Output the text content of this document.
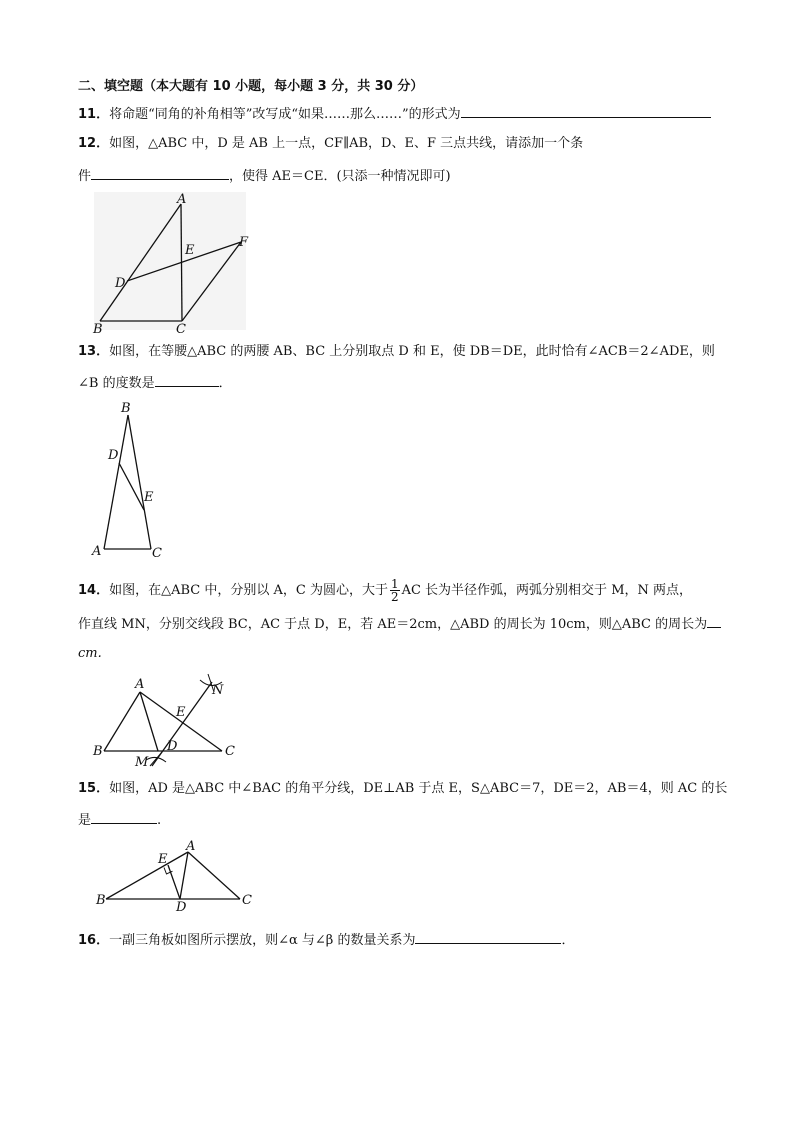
二、填空题（本大题有 10 小题，每小题 3 分，共 30 分）
11．将命题“同角的补角相等”改写成“如果……那么……”的形式为
12．如图，△ABC 中，D 是 AB 上一点，CF∥AB，D、E、F 三点共线，请添加一个条
件	，使得 AE＝CE．(只添一种情况即可)
A
E
F
D
B	C
13．如图，在等腰△ABC 的两腰 AB、BC 上分别取点 D 和 E，使 DB＝DE，此时恰有∠ACB＝2∠ADE，则
∠B 的度数是	．
B
D
E
A	C
14．如图，在△ABC 中，分别以 A，C 为圆心，大于 $\frac{1}{2}$ AC 长为半径作弧，两弧分别相交于 M，N 两点，
作直线 MN，分别交线段 BC，AC 于点 D，E，若 AE＝2cm，△ABD 的周长为 10cm，则△ABC 的周长为
cm.
A	N
E
B	D	C
M
15．如图，AD 是△ABC 中∠BAC 的角平分线，DE⊥AB 于点 E，S△ABC＝7，DE＝2，AB＝4，则 AC 的长
是	.
E
A
B	C
D
16．一副三角板如图所示摆放，则∠α 与∠β 的数量关系为	．
